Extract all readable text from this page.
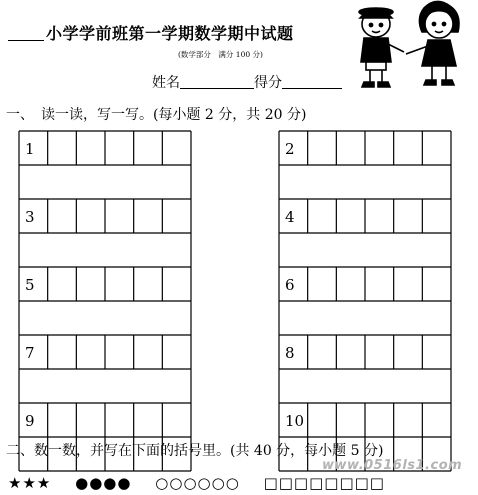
小学学前班第一学期数学期中试题
(数学部分　满分 100 分)
姓名	得分
一、　读一读，写一写。(每小题 2 分，共 20 分)
1	2
3	4
5	6
7	8
9	10
二、数一数，并写在下面的括号里。(共 40 分，每小题 5 分)
★★★ ●●●● ○○○○○○ □□□□□□□□
www.0516ls1.com
